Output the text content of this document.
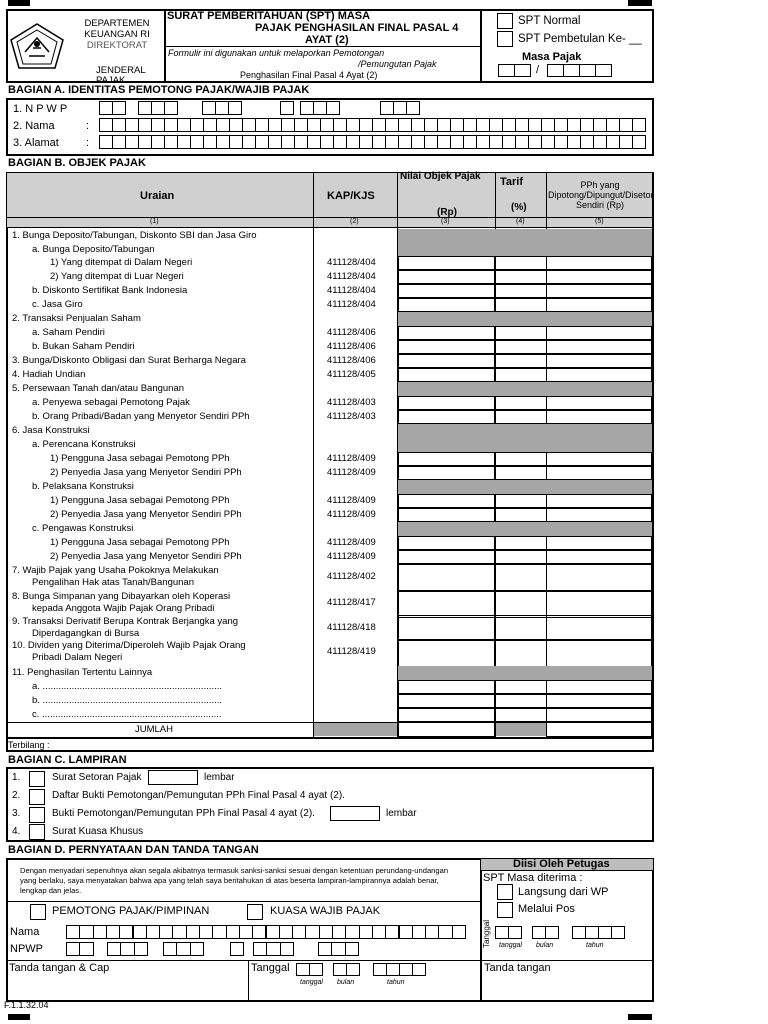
DEPARTEMEN
KEUANGAN RI
DIREKTORAT
JENDERAL
PAJAK
SURAT PEMBERITAHUAN (SPT) MASA
PAJAK PENGHASILAN FINAL PASAL 4
AYAT (2)
Formulir ini digunakan untuk melaporkan Pemotongan
/Pemungutan Pajak
Penghasilan Final Pasal 4 Ayat (2)
SPT Normal
SPT Pembetulan Ke- __
Masa Pajak
/
BAGIAN A. IDENTITAS PEMOTONG PAJAK/WAJIB PAJAK
1. N P W P
2. Nama	:
3. Alamat :
BAGIAN B. OBJEK PAJAK
Uraian	KAP/KJS
Nilai Objek Pajak
(Rp)
Tarif
(%)
PPh yang Dipotong/Dipungut/Disetor Sendiri (Rp)
(1)	(2)	(3)	(4)	(5)
1. Bunga Deposito/Tabungan, Diskonto SBI dan Jasa Giro
a. Bunga Deposito/Tabungan
1) Yang ditempat di Dalam Negeri	411128/404
2) Yang ditempat di Luar Negeri	411128/404
b. Diskonto Sertifikat Bank Indonesia	411128/404
c. Jasa Giro	411128/404
2. Transaksi Penjualan Saham
a. Saham Pendiri	411128/406
b. Bukan Saham Pendiri	411128/406
3. Bunga/Diskonto Obligasi dan Surat Berharga Negara	411128/406
4. Hadiah Undian	411128/405
5. Persewaan Tanah dan/atau Bangunan
a. Penyewa sebagai Pemotong Pajak	411128/403
b. Orang Pribadi/Badan yang Menyetor Sendiri PPh	411128/403
6. Jasa Konstruksi
a. Perencana Konstruksi
1) Pengguna Jasa sebagai Pemotong PPh	411128/409
2) Penyedia Jasa yang Menyetor Sendiri PPh	411128/409
b. Pelaksana Konstruksi
1) Pengguna Jasa sebagai Pemotong PPh	411128/409
2) Penyedia Jasa yang Menyetor Sendiri PPh	411128/409
c. Pengawas Konstruksi
1) Pengguna Jasa sebagai Pemotong PPh	411128/409
2) Penyedia Jasa yang Menyetor Sendiri PPh	411128/409
7. Wajib Pajak yang Usaha Pokoknya Melakukan
Pengalihan Hak atas Tanah/Bangunan
411128/402
8. Bunga Simpanan yang Dibayarkan oleh Koperasi
kepada Anggota Wajib Pajak Orang Pribadi
411128/417
9. Transaksi Derivatif Berupa Kontrak Berjangka yang
Diperdagangkan di Bursa
411128/418
10. Dividen yang Diterima/Diperoleh Wajib Pajak Orang
Pribadi Dalam Negeri
411128/419
11. Penghasilan Tertentu Lainnya
a. ....................................................................
b. ....................................................................
c. ....................................................................
JUMLAH
Terbilang :
BAGIAN C. LAMPIRAN
1.	Surat Setoran Pajak	lembar
2.	Daftar Bukti Pemotongan/Pemungutan PPh Final Pasal 4 ayat (2).
3.	Bukti Pemotongan/Pemungutan PPh Final Pasal 4 ayat (2).	lembar
4.	Surat Kuasa Khusus
BAGIAN D. PERNYATAAN DAN TANDA TANGAN
Dengan menyadari sepenuhnya akan segala akibatnya termasuk sanksi-sanksi sesuai dengan ketentuan perundang-undangan yang berlaku, saya menyatakan bahwa apa yang telah saya beritahukan di atas beserta lampiran-lampirannya adalah benar, lengkap dan jelas.
PEMOTONG PAJAK/PIMPINAN	KUASA WAJIB PAJAK
Nama
NPWP
Tanda tangan & Cap	Tanggal
tanggal bulan	tahun
Diisi Oleh Petugas
SPT Masa diterima :
Langsung dari WP
Melalui Pos
Tanggal tanggal bulan	tahun
Tanda tangan
F.1.1.32.04
